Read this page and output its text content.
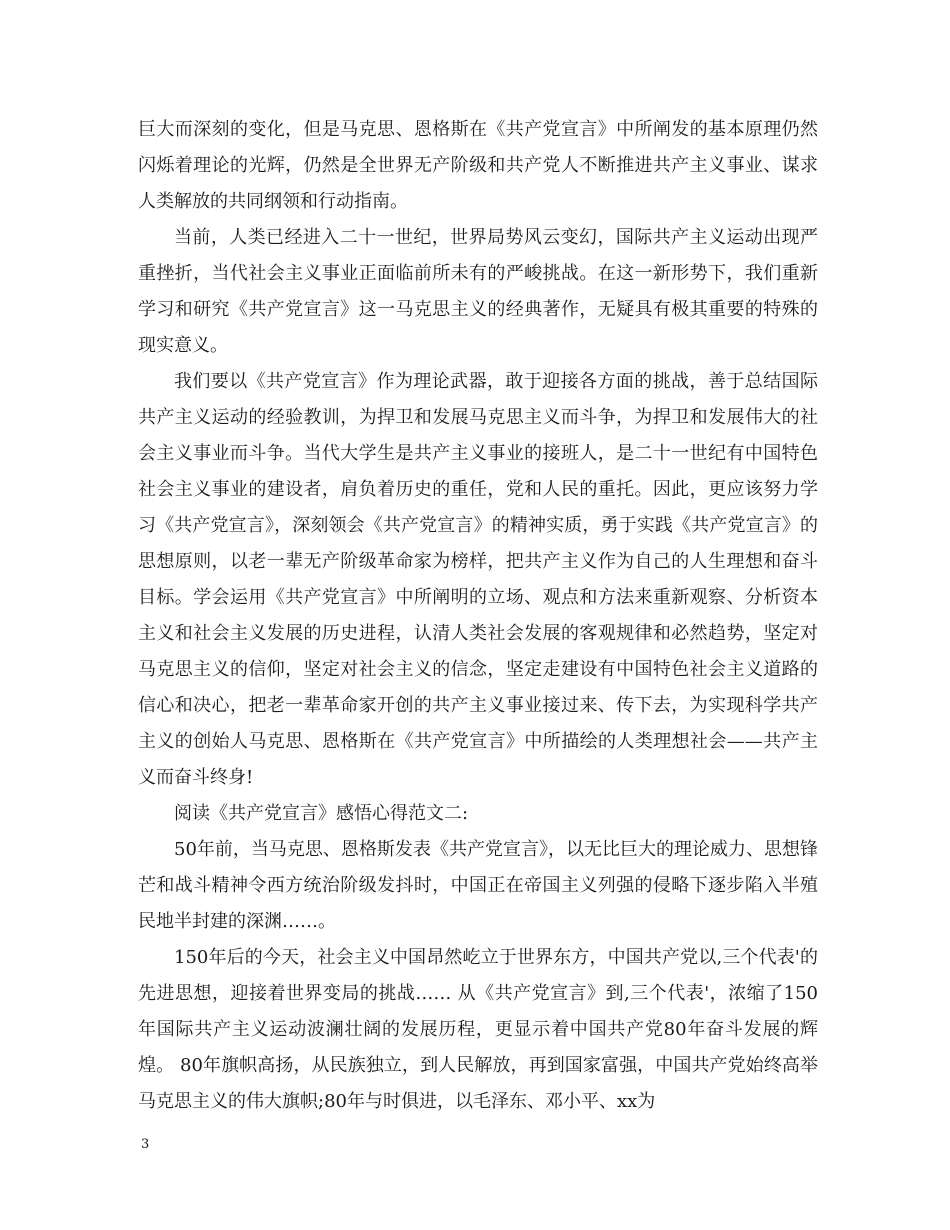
巨大而深刻的变化，但是马克思、恩格斯在《共产党宣言》中所阐发的基本原理仍然闪烁着理论的光辉，仍然是全世界无产阶级和共产党人不断推进共产主义事业、谋求人类解放的共同纲领和行动指南。

当前，人类已经进入二十一世纪，世界局势风云变幻，国际共产主义运动出现严重挫折，当代社会主义事业正面临前所未有的严峻挑战。在这一新形势下，我们重新学习和研究《共产党宣言》这一马克思主义的经典著作，无疑具有极其重要的特殊的现实意义。

我们要以《共产党宣言》作为理论武器，敢于迎接各方面的挑战，善于总结国际共产主义运动的经验教训，为捍卫和发展马克思主义而斗争，为捍卫和发展伟大的社会主义事业而斗争。当代大学生是共产主义事业的接班人，是二十一世纪有中国特色社会主义事业的建设者，肩负着历史的重任，党和人民的重托。因此，更应该努力学习《共产党宣言》，深刻领会《共产党宣言》的精神实质，勇于实践《共产党宣言》的思想原则，以老一辈无产阶级革命家为榜样，把共产主义作为自己的人生理想和奋斗目标。学会运用《共产党宣言》中所阐明的立场、观点和方法来重新观察、分析资本主义和社会主义发展的历史进程，认清人类社会发展的客观规律和必然趋势，坚定对马克思主义的信仰，坚定对社会主义的信念，坚定走建设有中国特色社会主义道路的信心和决心，把老一辈革命家开创的共产主义事业接过来、传下去，为实现科学共产主义的创始人马克思、恩格斯在《共产党宣言》中所描绘的人类理想社会——共产主义而奋斗终身!

阅读《共产党宣言》感悟心得范文二:

50年前，当马克思、恩格斯发表《共产党宣言》，以无比巨大的理论威力、思想锋芒和战斗精神令西方统治阶级发抖时，中国正在帝国主义列强的侵略下逐步陷入半殖民地半封建的深渊……。

150年后的今天，社会主义中国昂然屹立于世界东方，中国共产党以,三个代表'的先进思想，迎接着世界变局的挑战…… 从《共产党宣言》到,三个代表'，浓缩了150年国际共产主义运动波澜壮阔的发展历程，更显示着中国共产党80年奋斗发展的辉煌。 80年旗帜高扬，从民族独立，到人民解放，再到国家富强，中国共产党始终高举马克思主义的伟大旗帜;80年与时俱进，以毛泽东、邓小平、xx为

3
